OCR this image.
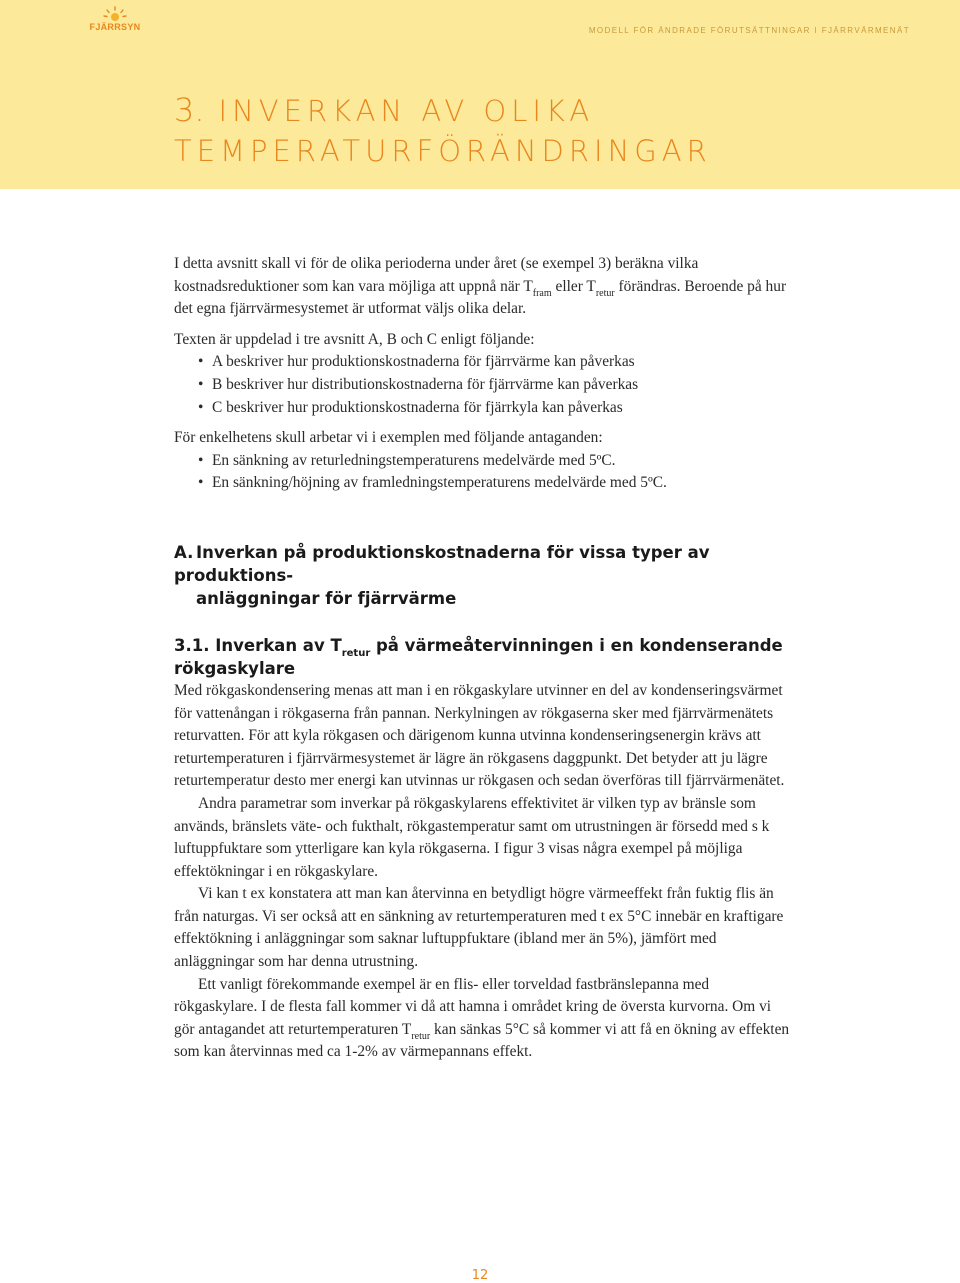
FJÄRRSYN	MODELL FÖR ÄNDRADE FÖRUTSÄTTNINGAR I FJÄRRVÄRMENÄT
3. INVERKAN AV OLIKA
TEMPERATURFÖRÄNDRINGAR

I detta avsnitt skall vi för de olika perioderna under året (se exempel 3) beräkna vilka kostnadsreduktioner som kan vara möjliga att uppnå när $T_{fram}$ eller $T_{retur}$ förändras. Beroende på hur det egna fjärrvärmesystemet är utformat väljs olika delar.

Texten är uppdelad i tre avsnitt A, B och C enligt följande:

• A beskriver hur produktionskostnaderna för fjärrvärme kan påverkas
• B beskriver hur distributionskostnaderna för fjärrvärme kan påverkas
• C beskriver hur produktionskostnaderna för fjärrkyla kan påverkas

För enkelhetens skull arbetar vi i exemplen med följande antaganden:

• En sänkning av returledningstemperaturens medelvärde med 5ºC.
• En sänkning/höjning av framledningstemperaturens medelvärde med 5ºC.
A. Inverkan på produktionskostnaderna för vissa typer av produktions-
anläggningar för fjärrvärme
3.1. Inverkan av $T_{retur}$ på värmeåtervinningen i en kondenserande rökgaskylare

Med rökgaskondensering menas att man i en rökgaskylare utvinner en del av kondenseringsvärmet för vattenångan i rökgaserna från pannan. Nerkylningen av rökgaserna sker med fjärrvärmenätets returvatten. För att kyla rökgasen och därigenom kunna utvinna kondenseringsenergin krävs att returtemperaturen i fjärrvärmesystemet är lägre än rökgasens daggpunkt. Det betyder att ju lägre returtemperatur desto mer energi kan utvinnas ur rökgasen och sedan överföras till fjärrvärmenätet.

Andra parametrar som inverkar på rökgaskylarens effektivitet är vilken typ av bränsle som används, bränslets väte- och fukthalt, rökgastemperatur samt om utrustningen är försedd med s k luftuppfuktare som ytterligare kan kyla rökgaserna. I figur 3 visas några exempel på möjliga effektökningar i en rökgaskylare.

Vi kan t ex konstatera att man kan återvinna en betydligt högre värmeeffekt från fuktig flis än från naturgas. Vi ser också att en sänkning av returtemperaturen med t ex 5°C innebär en kraftigare effektökning i anläggningar som saknar luftuppfuktare (ibland mer än 5%), jämfört med anläggningar som har denna utrustning.

Ett vanligt förekommande exempel är en flis- eller torveldad fastbränslepanna med rökgaskylare. I de flesta fall kommer vi då att hamna i området kring de översta kurvorna. Om vi gör antagandet att returtemperaturen $T_{retur}$ kan sänkas 5°C så kommer vi att få en ökning av effekten som kan återvinnas med ca 1-2% av värmepannans effekt.

12
